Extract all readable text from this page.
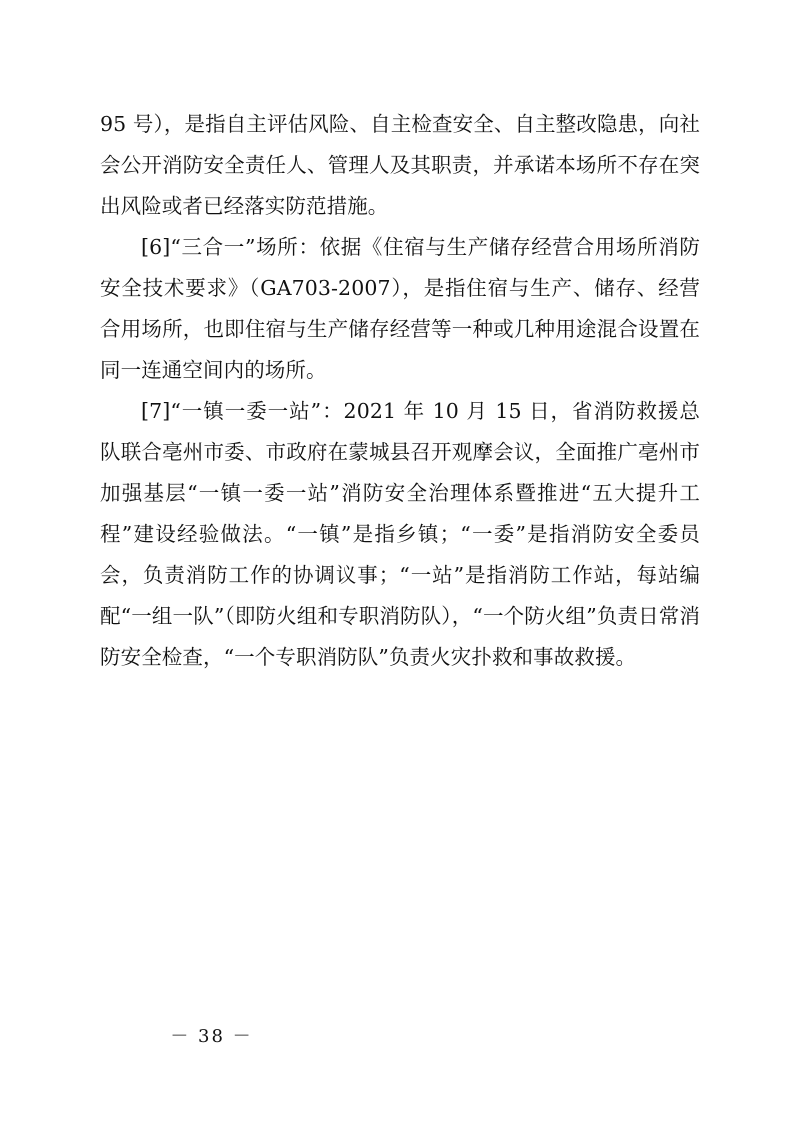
95 号），是指自主评估风险、自主检查安全、自主整改隐患，向社会公开消防安全责任人、管理人及其职责，并承诺本场所不存在突出风险或者已经落实防范措施。

[6]“三合一”场所：依据《住宿与生产储存经营合用场所消防安全技术要求》（GA703-2007），是指住宿与生产、储存、经营合用场所，也即住宿与生产储存经营等一种或几种用途混合设置在同一连通空间内的场所。

[7]“一镇一委一站”：2021 年 10 月 15 日，省消防救援总队联合亳州市委、市政府在蒙城县召开观摩会议，全面推广亳州市加强基层“一镇一委一站”消防安全治理体系暨推进“五大提升工程”建设经验做法。“一镇”是指乡镇；“一委”是指消防安全委员会，负责消防工作的协调议事；“一站”是指消防工作站，每站编配“一组一队”（即防火组和专职消防队），“一个防火组”负责日常消防安全检查，“一个专职消防队”负责火灾扑救和事故救援。

－ 38 －
